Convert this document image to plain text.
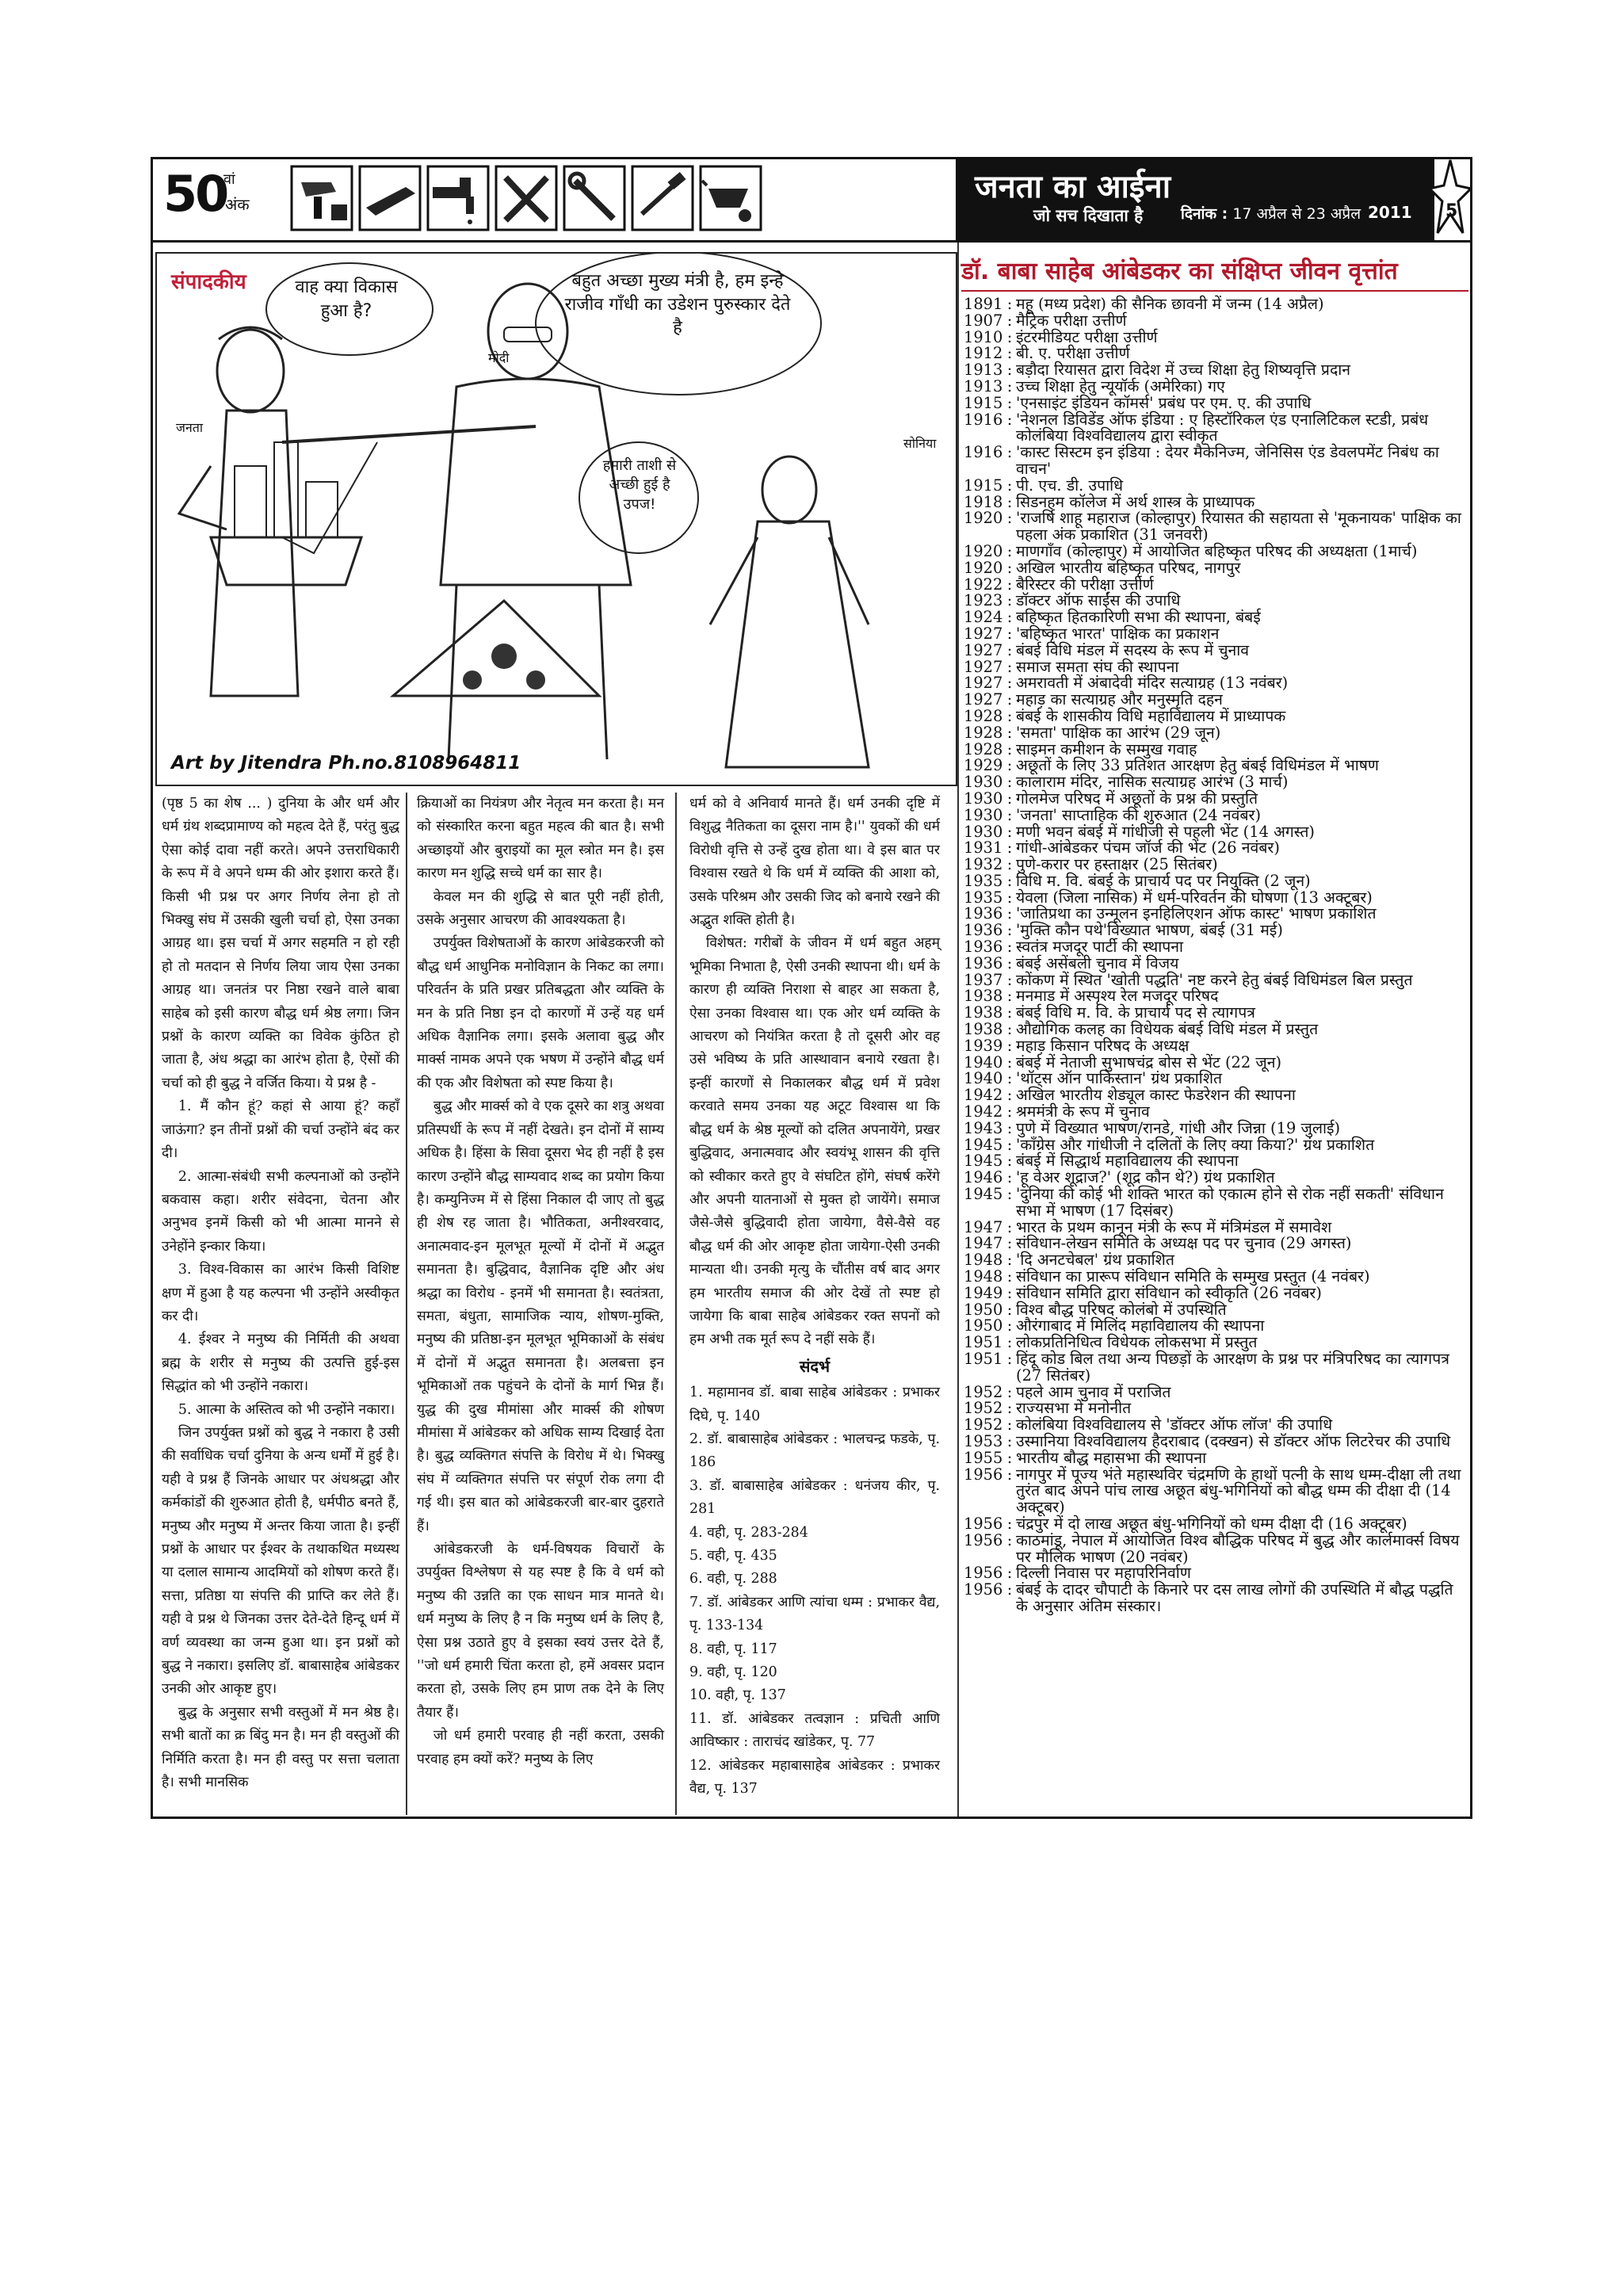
50
वां
अंक	जनता का आईना
जो सच दिखाता है	दिनांक : 17 अप्रैल से 23 अप्रैल 2011 5
संपादकीय	वाह क्या विकास हुआ है?
बहुत अच्छा मुख्य मंत्री है, हम इन्हे राजीव गाँधी का उडेशन पुरुस्कार देते है
हमारी ताशी से अच्छी हुई है उपज!
जनता
मोदी
सोनिया
Art by Jitendra Ph.no.8108964811

(पृष्ठ 5 का शेष ... ) दुनिया के और धर्म और धर्म ग्रंथ शब्दप्रामाण्य को महत्व देते हैं, परंतु बुद्ध ऐसा कोई दावा नहीं करते। अपने उत्तराधिकारी के रूप में वे अपने धम्म की ओर इशारा करते हैं। किसी भी प्रश्न पर अगर निर्णय लेना हो तो भिक्खु संघ में उसकी खुली चर्चा हो, ऐसा उनका आग्रह था। इस चर्चा में अगर सहमति न हो रही हो तो मतदान से निर्णय लिया जाय ऐसा उनका आग्रह था। जनतंत्र पर निष्ठा रखने वाले बाबा साहेब को इसी कारण बौद्ध धर्म श्रेष्ठ लगा। जिन प्रश्नों के कारण व्यक्ति का विवेक कुंठित हो जाता है, अंध श्रद्धा का आरंभ होता है, ऐसों की चर्चा को ही बुद्ध ने वर्जित किया। ये प्रश्न है -

1. मैं कौन हूं? कहां से आया हूं? कहाँ जाऊंगा? इन तीनों प्रश्नों की चर्चा उन्होंने बंद कर दी।

2. आत्मा-संबंधी सभी कल्पनाओं को उन्होंने बकवास कहा। शरीर संवेदना, चेतना और अनुभव इनमें किसी को भी आत्मा मानने से उनेहोंने इन्कार किया।

3. विश्व-विकास का आरंभ किसी विशिष्ट क्षण में हुआ है यह कल्पना भी उन्होंने अस्वीकृत कर दी।

4. ईश्वर ने मनुष्य की निर्मिती की अथवा ब्रह्म के शरीर से मनुष्य की उत्पत्ति हुई-इस सिद्धांत को भी उन्होंने नकारा।

5. आत्मा के अस्तित्व को भी उन्होंने नकारा।

जिन उपर्युक्त प्रश्नों को बुद्ध ने नकारा है उसी की सर्वाधिक चर्चा दुनिया के अन्य धर्मों में हुई है। यही वे प्रश्न हैं जिनके आधार पर अंधश्रद्धा और कर्मकांडों की शुरुआत होती है, धर्मपीठ बनते हैं, मनुष्य और मनुष्य में अन्तर किया जाता है। इन्हीं प्रश्नों के आधार पर ईश्वर के तथाकथित मध्यस्थ या दलाल सामान्य आदमियों को शोषण करते हैं। सत्ता, प्रतिष्ठा या संपत्ति की प्राप्ति कर लेते हैं। यही वे प्रश्न थे जिनका उत्तर देते-देते हिन्दू धर्म में वर्ण व्यवस्था का जन्म हुआ था। इन प्रश्नों को बुद्ध ने नकारा। इसलिए डॉ. बाबासाहेब आंबेडकर उनकी ओर आकृष्ट हुए।

बुद्ध के अनुसार सभी वस्तुओं में मन श्रेष्ठ है। सभी बातों का क्र बिंदु मन है। मन ही वस्तुओं की निर्मिति करता है। मन ही वस्तु पर सत्ता चलाता है। सभी मानसिक

क्रियाओं का नियंत्रण और नेतृत्व मन करता है। मन को संस्कारित करना बहुत महत्व की बात है। सभी अच्छाइयों और बुराइयों का मूल स्त्रोत मन है। इस कारण मन शुद्धि सच्चे धर्म का सार है।

केवल मन की शुद्धि से बात पूरी नहीं होती, उसके अनुसार आचरण की आवश्यकता है।

उपर्युक्त विशेषताओं के कारण आंबेडकरजी को बौद्ध धर्म आधुनिक मनोविज्ञान के निकट का लगा। परिवर्तन के प्रति प्रखर प्रतिबद्धता और व्यक्ति के मन के प्रति निष्ठा इन दो कारणों में उन्हें यह धर्म अधिक वैज्ञानिक लगा। इसके अलावा बुद्ध और मार्क्स नामक अपने एक भषण में उन्होंने बौद्ध धर्म की एक और विशेषता को स्पष्ट किया है।

बुद्ध और मार्क्स को वे एक दूसरे का शत्रु अथवा प्रतिस्पर्धी के रूप में नहीं देखते। इन दोनों में साम्य अधिक है। हिंसा के सिवा दूसरा भेद ही नहीं है इस कारण उन्होंने बौद्ध साम्यवाद शब्द का प्रयोग किया है। कम्युनिज्म में से हिंसा निकाल दी जाए तो बुद्ध ही शेष रह जाता है। भौतिकता, अनीश्वरवाद, अनात्मवाद-इन मूलभूत मूल्यों में दोनों में अद्भुत समानता है। बुद्धिवाद, वैज्ञानिक दृष्टि और अंध श्रद्धा का विरोध - इनमें भी समानता है। स्वतंत्रता, समता, बंधुता, सामाजिक न्याय, शोषण-मुक्ति, मनुष्य की प्रतिष्ठा-इन मूलभूत भूमिकाओं के संबंध में दोनों में अद्भुत समानता है। अलबत्ता इन भूमिकाओं तक पहुंचने के दोनों के मार्ग भिन्न हैं। युद्ध की दुख मीमांसा और मार्क्स की शोषण मीमांसा में आंबेडकर को अधिक साम्य दिखाई देता है। बुद्ध व्यक्तिगत संपत्ति के विरोध में थे। भिक्खु संघ में व्यक्तिगत संपत्ति पर संपूर्ण रोक लगा दी गई थी। इस बात को आंबेडकरजी बार-बार दुहराते हैं।

आंबेडकरजी के धर्म-विषयक विचारों के उपर्युक्त विश्लेषण से यह स्पष्ट है कि वे धर्म को मनुष्य की उन्नति का एक साधन मात्र मानते थे। धर्म मनुष्य के लिए है न कि मनुष्य धर्म के लिए है, ऐसा प्रश्न उठाते हुए वे इसका स्वयं उत्तर देते हैं, ''जो धर्म हमारी चिंता करता हो, हमें अवसर प्रदान करता हो, उसके लिए हम प्राण तक देने के लिए तैयार हैं।

जो धर्म हमारी परवाह ही नहीं करता, उसकी परवाह हम क्यों करें? मनुष्य के लिए

धर्म को वे अनिवार्य मानते हैं। धर्म उनकी दृष्टि में विशुद्ध नैतिकता का दूसरा नाम है।'' युवकों की धर्म विरोधी वृत्ति से उन्हें दुख होता था। वे इस बात पर विश्वास रखते थे कि धर्म में व्यक्ति की आशा को, उसके परिश्रम और उसकी जिद को बनाये रखने की अद्भुत शक्ति होती है।

विशेषत: गरीबों के जीवन में धर्म बहुत अहम् भूमिका निभाता है, ऐसी उनकी स्थापना थी। धर्म के कारण ही व्यक्ति निराशा से बाहर आ सकता है, ऐसा उनका विश्वास था। एक ओर धर्म व्यक्ति के आचरण को नियंत्रित करता है तो दूसरी ओर वह उसे भविष्य के प्रति आस्थावान बनाये रखता है। इन्हीं कारणों से निकालकर बौद्ध धर्म में प्रवेश करवाते समय उनका यह अटूट विश्वास था कि बौद्ध धर्म के श्रेष्ठ मूल्यों को दलित अपनायेंगे, प्रखर बुद्धिवाद, अनात्मवाद और स्वयंभू शासन की वृत्ति को स्वीकार करते हुए वे संघटित होंगे, संघर्ष करेंगे और अपनी यातनाओं से मुक्त हो जायेंगे। समाज जैसे-जैसे बुद्धिवादी होता जायेगा, वैसे-वैसे वह बौद्ध धर्म की ओर आकृष्ट होता जायेगा-ऐसी उनकी मान्यता थी। उनकी मृत्यु के चौंतीस वर्ष बाद अगर हम भारतीय समाज की ओर देखें तो स्पष्ट हो जायेगा कि बाबा साहेब आंबेडकर रक्त सपनों को हम अभी तक मूर्त रूप दे नहीं सके हैं।

संदर्भ
1. महामानव डॉ. बाबा साहेब आंबेडकर : प्रभाकर दिघे, पृ. 140
2. डॉ. बाबासाहेब आंबेडकर : भालचन्द्र फडके, पृ. 186
3. डॉ. बाबासाहेब आंबेडकर : धनंजय कीर, पृ. 281
4. वही, पृ. 283-284
5. वही, पृ. 435
6. वही, पृ. 288
7. डॉ. आंबेडकर आणि त्यांचा धम्म : प्रभाकर वैद्य, पृ. 133-134
8. वही, पृ. 117
9. वही, पृ. 120
10. वही, पृ. 137
11. डॉ. आंबेडकर तत्वज्ञान : प्रचिती आणि आविष्कार : ताराचंद खांडेकर, पृ. 77
12. आंबेडकर महाबासाहेब आंबेडकर : प्रभाकर वैद्य, पृ. 137
डॉ. बाबा साहेब आंबेडकर का संक्षिप्त जीवन वृत्तांत
1891 : महू (मध्य प्रदेश) की सैनिक छावनी में जन्म (14 अप्रैल)
1907 : मैट्रिक परीक्षा उत्तीर्ण
1910 : इंटरमीडियट परीक्षा उत्तीर्ण
1912 : बी. ए. परीक्षा उत्तीर्ण
1913 : बड़ौदा रियासत द्वारा विदेश में उच्च शिक्षा हेतु शिष्यवृत्ति प्रदान
1913 : उच्च शिक्षा हेतु न्यूयॉर्क (अमेरिका) गए
1915 : 'एनसाइंट इंडियन कॉमर्स' प्रबंध पर एम. ए. की उपाधि
1916 : 'नेशनल डिविडेंड ऑफ इंडिया : ए हिस्टॉरिकल एंड एनालिटिकल स्टडी, प्रबंध कोलंबिया विश्वविद्यालय द्वारा स्वीकृत
1916 : 'कास्ट सिस्टम इन इंडिया : देयर मैकेनिज्म, जेनिसिस एंड डेवलपमेंट निबंध का वाचन'
1915 : पी. एच. डी. उपाधि
1918 : सिडनहम कॉलेज में अर्थ शास्त्र के प्राध्यापक
1920 : 'राजर्षि शाहू महाराज (कोल्हापुर) रियासत की सहायता से 'मूकनायक' पाक्षिक का पहला अंक प्रकाशित (31 जनवरी)
1920 : माणगाँव (कोल्हापुर) में आयोजित बहिष्कृत परिषद की अध्यक्षता (1मार्च)
1920 : अखिल भारतीय बहिष्कृत परिषद, नागपुर
1922 : बैरिस्टर की परीक्षा उत्तीर्ण
1923 : डॉक्टर ऑफ साईंस की उपाधि
1924 : बहिष्कृत हितकारिणी सभा की स्थापना, बंबई
1927 : 'बहिष्कृत भारत' पाक्षिक का प्रकाशन
1927 : बंबई विधि मंडल में सदस्य के रूप में चुनाव
1927 : समाज समता संघ की स्थापना
1927 : अमरावती में अंबादेवी मंदिर सत्याग्रह (13 नवंबर)
1927 : महाड़ का सत्याग्रह और मनुस्मृति दहन
1928 : बंबई के शासकीय विधि महाविद्यालय में प्राध्यापक
1928 : 'समता' पाक्षिक का आरंभ (29 जून)
1928 : साइमन कमीशन के सम्मुख गवाह
1929 : अछूतों के लिए 33 प्रतिशत आरक्षण हेतु बंबई विधिमंडल में भाषण
1930 : कालाराम मंदिर, नासिक सत्याग्रह आरंभ (3 मार्च)
1930 : गोलमेज परिषद में अछूतों के प्रश्न की प्रस्तुति
1930 : 'जनता' साप्ताहिक की शुरुआत (24 नवंबर)
1930 : मणी भवन बंबई में गांधीजी से पहली भेंट (14 अगस्त)
1931 : गांधी-आंबेडकर पंचम जॉर्ज की भेंट (26 नवंबर)
1932 : पुणे-करार पर हस्ताक्षर (25 सितंबर)
1935 : विधि म. वि. बंबई के प्राचार्य पद पर नियुक्ति (2 जून)
1935 : येवला (जिला नासिक) में धर्म-परिवर्तन की घोषणा (13 अक्टूबर)
1936 : 'जातिप्रथा का उन्मूलन इनहिलिएशन ऑफ कास्ट' भाषण प्रकाशित
1936 : 'मुक्ति कौन पथे'विख्यात भाषण, बंबई (31 मई)
1936 : स्वतंत्र मजदूर पार्टी की स्थापना
1936 : बंबई असेंबली चुनाव में विजय
1937 : कोंकण में स्थित 'खोती पद्धति' नष्ट करने हेतु बंबई विधिमंडल बिल प्रस्तुत
1938 : मनमाड में अस्पृश्य रेल मजदूर परिषद
1938 : बंबई विधि म. वि. के प्राचार्य पद से त्यागपत्र
1938 : औद्योगिक कलह का विधेयक बंबई विधि मंडल में प्रस्तुत
1939 : महाड़ किसान परिषद के अध्यक्ष
1940 : बंबई में नेताजी सुभाषचंद्र बोस से भेंट (22 जून)
1940 : 'थॉट्स ऑन पाकिस्तान' ग्रंथ प्रकाशित
1942 : अखिल भारतीय शेड्यूल कास्ट फेडरेशन की स्थापना
1942 : श्रममंत्री के रूप में चुनाव
1943 : पुणे में विख्यात भाषण/रानडे, गांधी और जिन्ना (19 जुलाई)
1945 : 'कॉंग्रेस और गांधीजी ने दलितों के लिए क्या किया?' ग्रंथ प्रकाशित
1945 : बंबई में सिद्धार्थ महाविद्यालय की स्थापना
1946 : 'हू वेअर शूद्राज?' (शूद्र कौन थे?) ग्रंथ प्रकाशित
1945 : 'दुनिया की कोई भी शक्ति भारत को एकात्म होने से रोक नहीं सकती' संविधान सभा में भाषण (17 दिसंबर)
1947 : भारत के प्रथम कानून मंत्री के रूप में मंत्रिमंडल में समावेश
1947 : संविधान-लेखन समिति के अध्यक्ष पद पर चुनाव (29 अगस्त)
1948 : 'दि अनटचेबल' ग्रंथ प्रकाशित
1948 : संविधान का प्रारूप संविधान समिति के सम्मुख प्रस्तुत (4 नवंबर)
1949 : संविधान समिति द्वारा संविधान को स्वीकृति (26 नवंबर)
1950 : विश्व बौद्ध परिषद कोलंबो में उपस्थिति
1950 : औरंगाबाद में मिलिंद महाविद्यालय की स्थापना
1951 : लोकप्रतिनिधित्व विधेयक लोकसभा में प्रस्तुत
1951 : हिंदू कोड बिल तथा अन्य पिछड़ों के आरक्षण के प्रश्न पर मंत्रिपरिषद का त्यागपत्र (27 सितंबर)
1952 : पहले आम चुनाव में पराजित
1952 : राज्यसभा में मनोनीत
1952 : कोलंबिया विश्वविद्यालय से 'डॉक्टर ऑफ लॉज' की उपाधि
1953 : उस्मानिया विश्वविद्यालय हैदराबाद (दक्खन) से डॉक्टर ऑफ लिटरेचर की उपाधि
1955 : भारतीय बौद्ध महासभा की स्थापना
1956 : नागपुर में पूज्य भंते महास्थविर चंद्रमणि के हाथों पत्नी के साथ धम्म-दीक्षा ली तथा तुरंत बाद अपने पांच लाख अछूत बंधु-भगिनियों को बौद्ध धम्म की दीक्षा दी (14 अक्टूबर)
1956 : चंद्रपुर में दो लाख अछूत बंधु-भगिनियों को धम्म दीक्षा दी (16 अक्टूबर)
1956 : काठमांडू, नेपाल में आयोजित विश्व बौद्धिक परिषद में बुद्ध और कार्लमार्क्स विषय पर मौलिक भाषण (20 नवंबर)
1956 : दिल्ली निवास पर महापरिनिर्वाण
1956 : बंबई के दादर चौपाटी के किनारे पर दस लाख लोगों की उपस्थिति में बौद्ध पद्धति के अनुसार अंतिम संस्कार।
